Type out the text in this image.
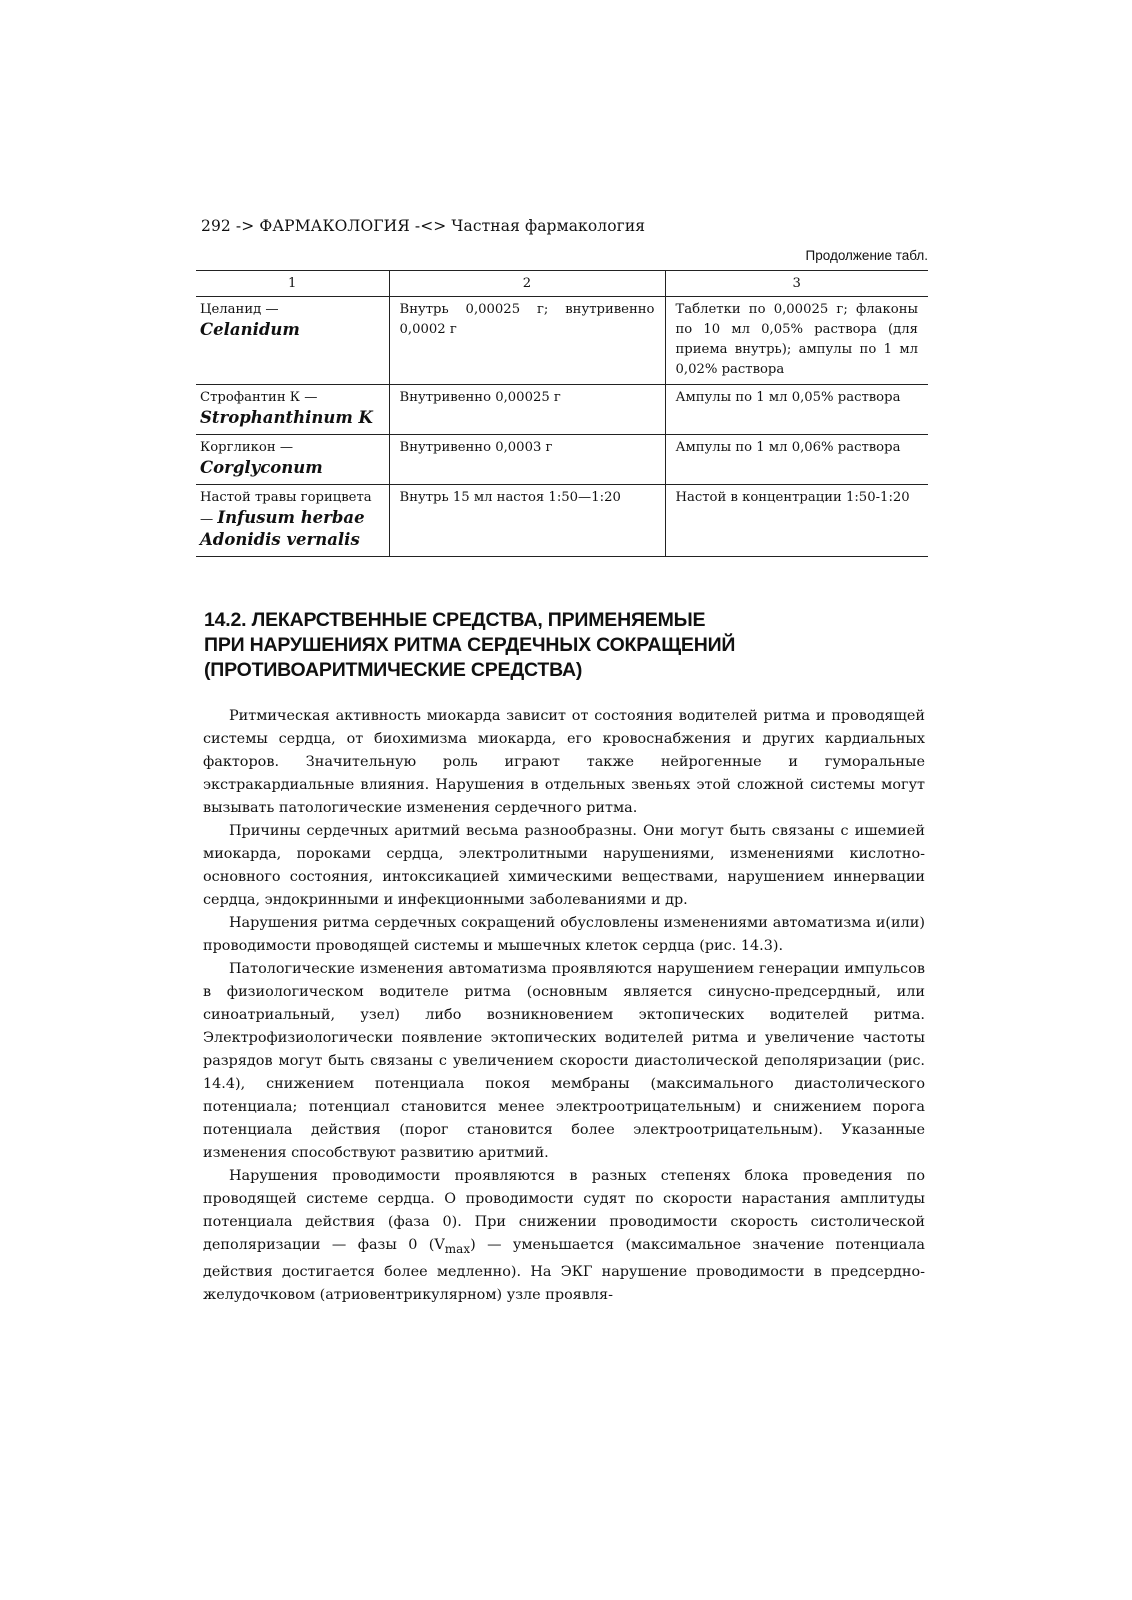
292 -> ФАРМАКОЛОГИЯ -<> Частная фармакология
Продолжение табл.
1	2	3
Целанид — Celanidum	Внутрь 0,00025 г; внутривенно 0,0002 г	Таблетки по 0,00025 г; флаконы по 10 мл 0,05% раствора (для приема внутрь); ампулы по 1 мл 0,02% раствора
Строфантин К — Strophanthinum K	Внутривенно 0,00025 г	Ампулы по 1 мл 0,05% раствора
Коргликон — Corglyconum	Внутривенно 0,0003 г	Ампулы по 1 мл 0,06% раствора
Настой травы горицвета — Infusum herbae Adonidis vernalis	Внутрь 15 мл настоя 1:50—1:20	Настой в концентрации 1:50-1:20
14.2. ЛЕКАРСТВЕННЫЕ СРЕДСТВА, ПРИМЕНЯЕМЫЕ
ПРИ НАРУШЕНИЯХ РИТМА СЕРДЕЧНЫХ СОКРАЩЕНИЙ
(ПРОТИВОАРИТМИЧЕСКИЕ СРЕДСТВА)

Ритмическая активность миокарда зависит от состояния водителей ритма и проводящей системы сердца, от биохимизма миокарда, его кровоснабжения и других кардиальных факторов. Значительную роль играют также нейрогенные и гуморальные экстракардиальные влияния. Нарушения в отдельных звеньях этой сложной системы могут вызывать патологические изменения сердечного ритма.

Причины сердечных аритмий весьма разнообразны. Они могут быть связаны с ишемией миокарда, пороками сердца, электролитными нарушениями, изменениями кислотно-основного состояния, интоксикацией химическими веществами, нарушением иннервации сердца, эндокринными и инфекционными заболеваниями и др.

Нарушения ритма сердечных сокращений обусловлены изменениями автоматизма и(или) проводимости проводящей системы и мышечных клеток сердца (рис. 14.3).

Патологические изменения автоматизма проявляются нарушением генерации импульсов в физиологическом водителе ритма (основным является синусно-предсердный, или синоатриальный, узел) либо возникновением эктопических водителей ритма. Электрофизиологически появление эктопических водителей ритма и увеличение частоты разрядов могут быть связаны с увеличением скорости диастолической деполяризации (рис. 14.4), снижением потенциала покоя мембраны (максимального диастолического потенциала; потенциал становится менее электроотрицательным) и снижением порога потенциала действия (порог становится более электроотрицательным). Указанные изменения способствуют развитию аритмий.

Нарушения проводимости проявляются в разных степенях блока проведения по проводящей системе сердца. О проводимости судят по скорости нарастания амплитуды потенциала действия (фаза 0). При снижении проводимости скорость систолической деполяризации — фазы 0 $(V_{max})$ — уменьшается (максимальное значение потенциала действия достигается более медленно). На ЭКГ нарушение проводимости в предсердно-желудочковом (атриовентрикулярном) узле проявля-
